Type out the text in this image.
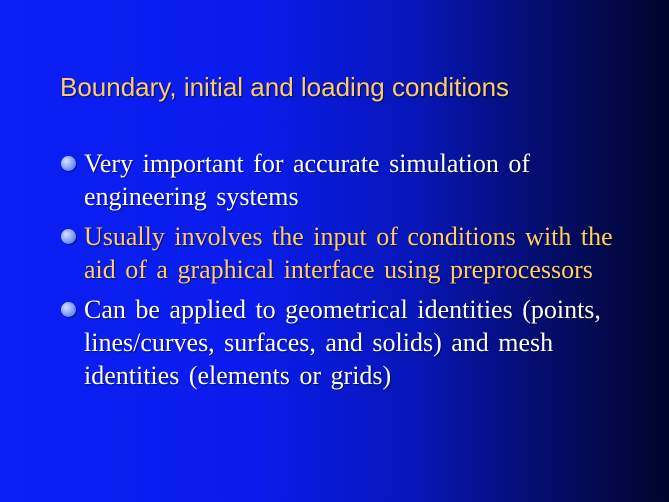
Boundary, initial and loading conditions
Very important for accurate simulation of engineering systems
Usually involves the input of conditions with the aid of a graphical interface using preprocessors
Can be applied to geometrical identities (points, lines/curves, surfaces, and solids) and mesh identities (elements or grids)
